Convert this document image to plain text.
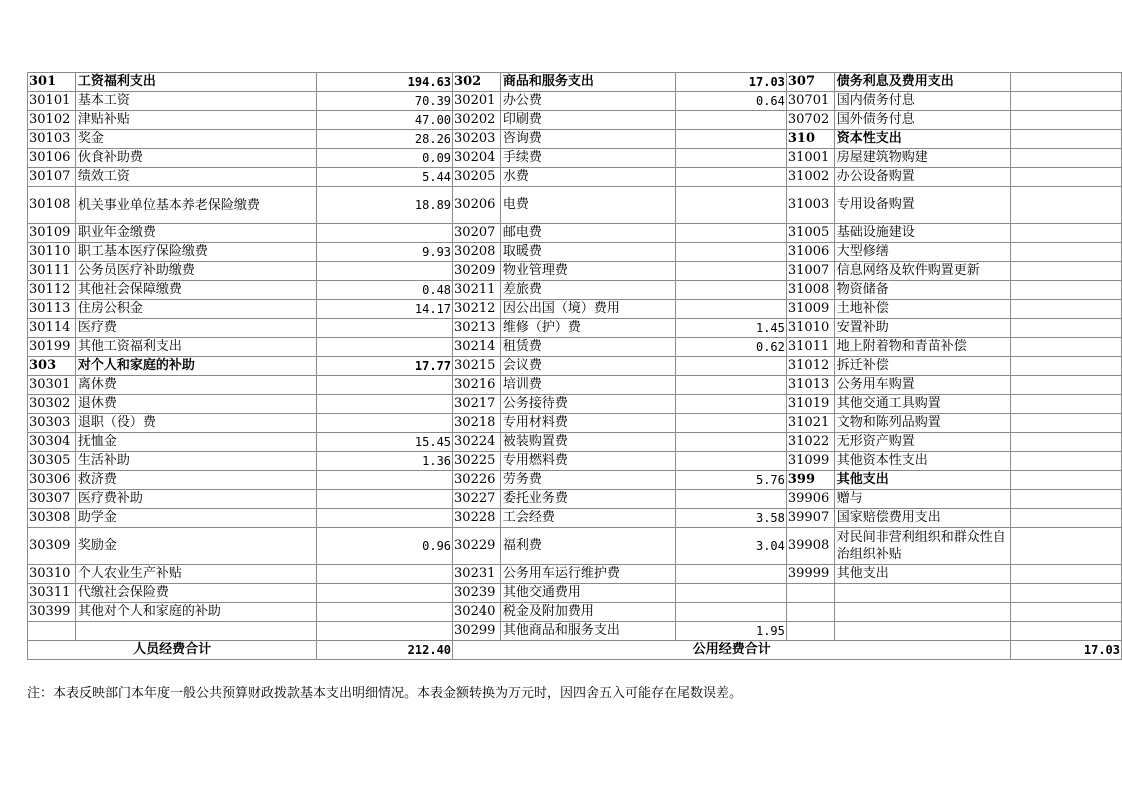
301	工资福利支出	194.63	302	商品和服务支出	17.03	307	债务利息及费用支出	
30101	基本工资	70.39	30201	办公费	0.64	30701	国内债务付息	
30102	津贴补贴	47.00	30202	印刷费		30702	国外债务付息	
30103	奖金	28.26	30203	咨询费		310	资本性支出	
30106	伙食补助费	0.09	30204	手续费		31001	房屋建筑物购建	
30107	绩效工资	5.44	30205	水费		31002	办公设备购置	
30108	机关事业单位基本养老保险缴费	18.89	30206	电费		31003	专用设备购置	
30109	职业年金缴费		30207	邮电费		31005	基础设施建设	
30110	职工基本医疗保险缴费	9.93	30208	取暖费		31006	大型修缮	
30111	公务员医疗补助缴费		30209	物业管理费		31007	信息网络及软件购置更新	
30112	其他社会保障缴费	0.48	30211	差旅费		31008	物资储备	
30113	住房公积金	14.17	30212	因公出国（境）费用		31009	土地补偿	
30114	医疗费		30213	维修（护）费	1.45	31010	安置补助	
30199	其他工资福利支出		30214	租赁费	0.62	31011	地上附着物和青苗补偿	
303	对个人和家庭的补助	17.77	30215	会议费		31012	拆迁补偿	
30301	离休费		30216	培训费		31013	公务用车购置	
30302	退休费		30217	公务接待费		31019	其他交通工具购置	
30303	退职（役）费		30218	专用材料费		31021	文物和陈列品购置	
30304	抚恤金	15.45	30224	被装购置费		31022	无形资产购置	
30305	生活补助	1.36	30225	专用燃料费		31099	其他资本性支出	
30306	救济费		30226	劳务费	5.76	399	其他支出	
30307	医疗费补助		30227	委托业务费		39906	赠与	
30308	助学金		30228	工会经费	3.58	39907	国家赔偿费用支出	
30309	奖励金	0.96	30229	福利费	3.04	39908	对民间非营利组织和群众性自治组织补贴	
30310	个人农业生产补贴		30231	公务用车运行维护费		39999	其他支出	
30311	代缴社会保险费		30239	其他交通费用				
30399	其他对个人和家庭的补助		30240	税金及附加费用				
			30299	其他商品和服务支出	1.95			
人员经费合计		212.40	公用经费合计					17.03
注：本表反映部门本年度一般公共预算财政拨款基本支出明细情况。本表金额转换为万元时，因四舍五入可能存在尾数误差。
